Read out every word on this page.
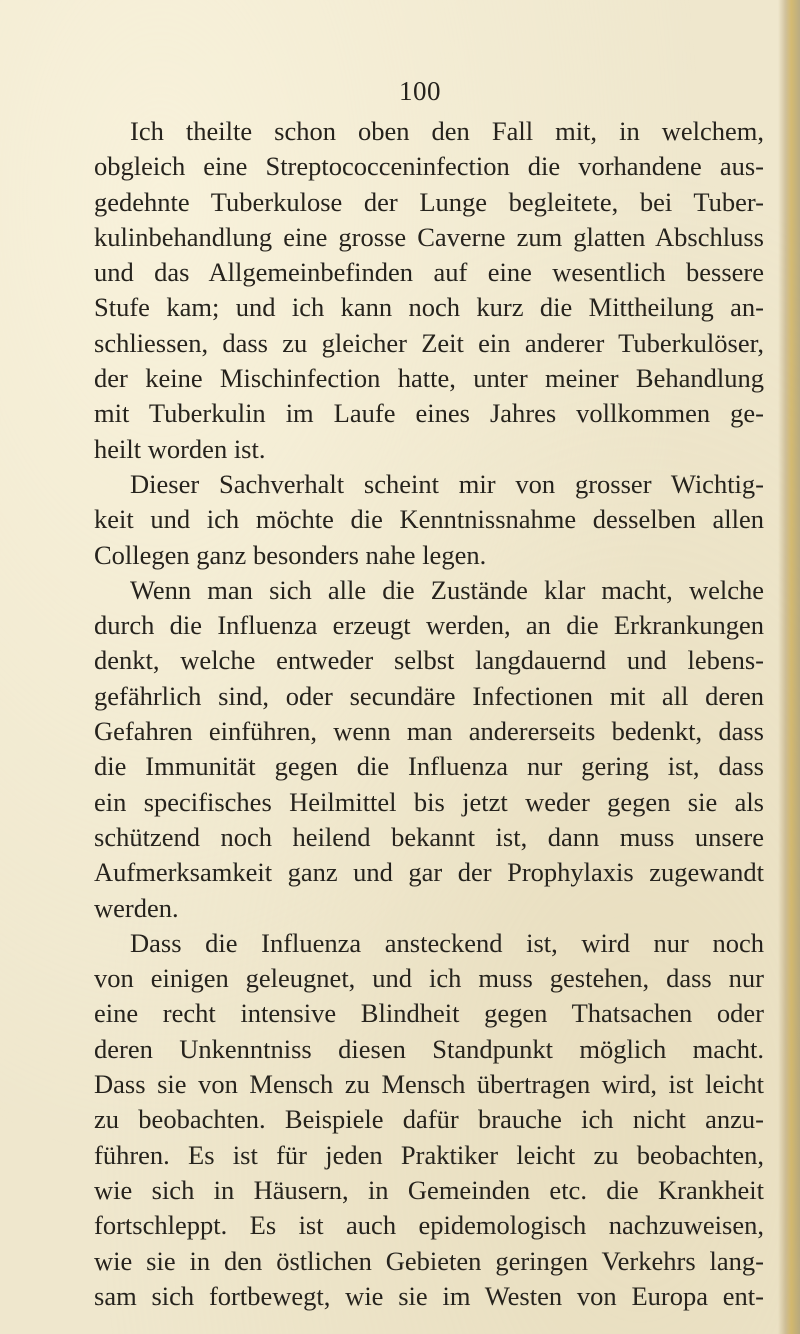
100
Ich theilte schon oben den Fall mit, in welchem,
obgleich eine Streptococceninfection die vorhandene aus-
gedehnte Tuberkulose der Lunge begleitete, bei Tuber-
kulinbehandlung eine grosse Caverne zum glatten Abschluss
und das Allgemeinbefinden auf eine wesentlich bessere
Stufe kam; und ich kann noch kurz die Mittheilung an-
schliessen, dass zu gleicher Zeit ein anderer Tuberkulöser,
der keine Mischinfection hatte, unter meiner Behandlung
mit Tuberkulin im Laufe eines Jahres vollkommen ge-
heilt worden ist.
Dieser Sachverhalt scheint mir von grosser Wichtig-
keit und ich möchte die Kenntnissnahme desselben allen
Collegen ganz besonders nahe legen.
Wenn man sich alle die Zustände klar macht, welche
durch die Influenza erzeugt werden, an die Erkrankungen
denkt, welche entweder selbst langdauernd und lebens-
gefährlich sind, oder secundäre Infectionen mit all deren
Gefahren einführen, wenn man andererseits bedenkt, dass
die Immunität gegen die Influenza nur gering ist, dass
ein specifisches Heilmittel bis jetzt weder gegen sie als
schützend noch heilend bekannt ist, dann muss unsere
Aufmerksamkeit ganz und gar der Prophylaxis zugewandt
werden.
Dass die Influenza ansteckend ist, wird nur noch
von einigen geleugnet, und ich muss gestehen, dass nur
eine recht intensive Blindheit gegen Thatsachen oder
deren Unkenntniss diesen Standpunkt möglich macht.
Dass sie von Mensch zu Mensch übertragen wird, ist leicht
zu beobachten. Beispiele dafür brauche ich nicht anzu-
führen. Es ist für jeden Praktiker leicht zu beobachten,
wie sich in Häusern, in Gemeinden etc. die Krankheit
fortschleppt. Es ist auch epidemologisch nachzuweisen,
wie sie in den östlichen Gebieten geringen Verkehrs lang-
sam sich fortbewegt, wie sie im Westen von Europa ent-
